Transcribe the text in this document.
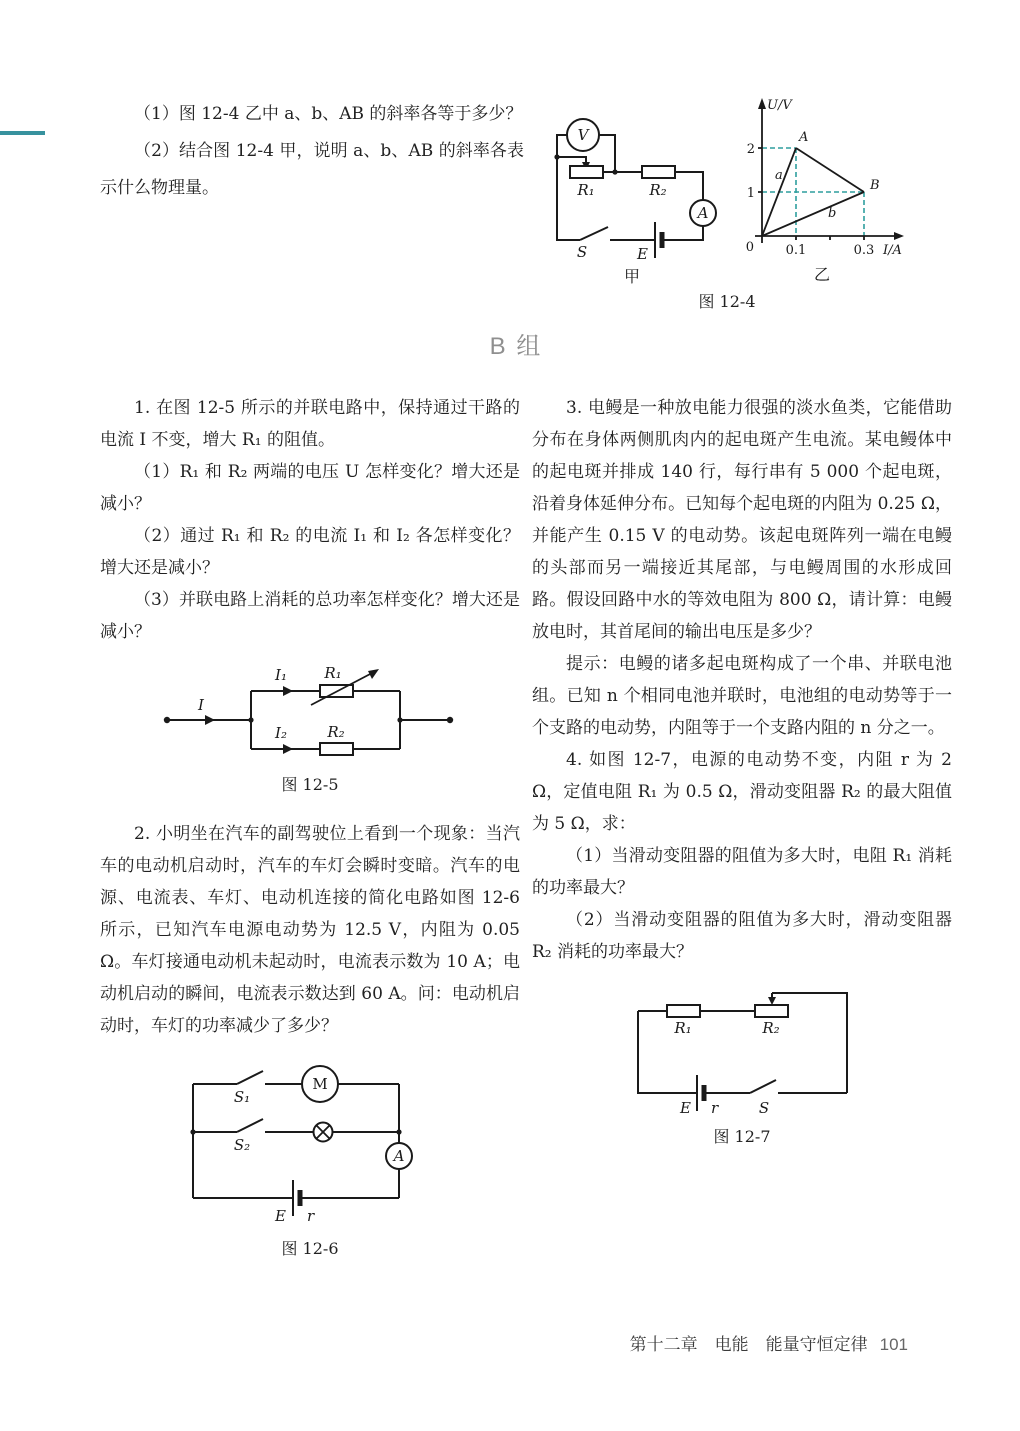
（1）图 12-4 乙中 a、b、AB 的斜率各等于多少？

（2）结合图 12-4 甲，说明 a、b、AB 的斜率各表示什么物理量。

V
A
R₁	R₂
S	E
甲
U/V
I/A
2
1
0 0.1	0.3
A
B
a
b
乙

图 12-4

B 组

1. 在图 12-5 所示的并联电路中，保持通过干路的电流 I 不变，增大 R₁ 的阻值。

（1）R₁ 和 R₂ 两端的电压 U 怎样变化？增大还是减小？

（2）通过 R₁ 和 R₂ 的电流 I₁ 和 I₂ 各怎样变化？增大还是减小？

（3）并联电路上消耗的总功率怎样变化？增大还是减小？

I
I₁ R₁
I₂	R₂

图 12-5

2. 小明坐在汽车的副驾驶位上看到一个现象：当汽车的电动机启动时，汽车的车灯会瞬时变暗。汽车的电源、电流表、车灯、电动机连接的简化电路如图 12-6 所示，已知汽车电源电动势为 12.5 V，内阻为 0.05 Ω。车灯接通电动机未起动时，电流表示数为 10 A；电动机启动的瞬间，电流表示数达到 60 A。问：电动机启动时，车灯的功率减少了多少？

S₁
S₂
M
A
E r

图 12-6

3. 电鳗是一种放电能力很强的淡水鱼类，它能借助分布在身体两侧肌肉内的起电斑产生电流。某电鳗体中的起电斑并排成 140 行，每行串有 5 000 个起电斑，沿着身体延伸分布。已知每个起电斑的内阻为 0.25 Ω，并能产生 0.15 V 的电动势。该起电斑阵列一端在电鳗的头部而另一端接近其尾部，与电鳗周围的水形成回路。假设回路中水的等效电阻为 800 Ω，请计算：电鳗放电时，其首尾间的输出电压是多少？

提示：电鳗的诸多起电斑构成了一个串、并联电池组。已知 n 个相同电池并联时，电池组的电动势等于一个支路的电动势，内阻等于一个支路内阻的 n 分之一。

4. 如图 12-7，电源的电动势不变，内阻 r 为 2 Ω，定值电阻 R₁ 为 0.5 Ω，滑动变阻器 R₂ 的最大阻值为 5 Ω，求：

（1）当滑动变阻器的阻值为多大时，电阻 R₁ 消耗的功率最大？

（2）当滑动变阻器的阻值为多大时，滑动变阻器 R₂ 消耗的功率最大？

R₁	R₂
E r	S

图 12-7

第十二章　电能　能量守恒定律 101
